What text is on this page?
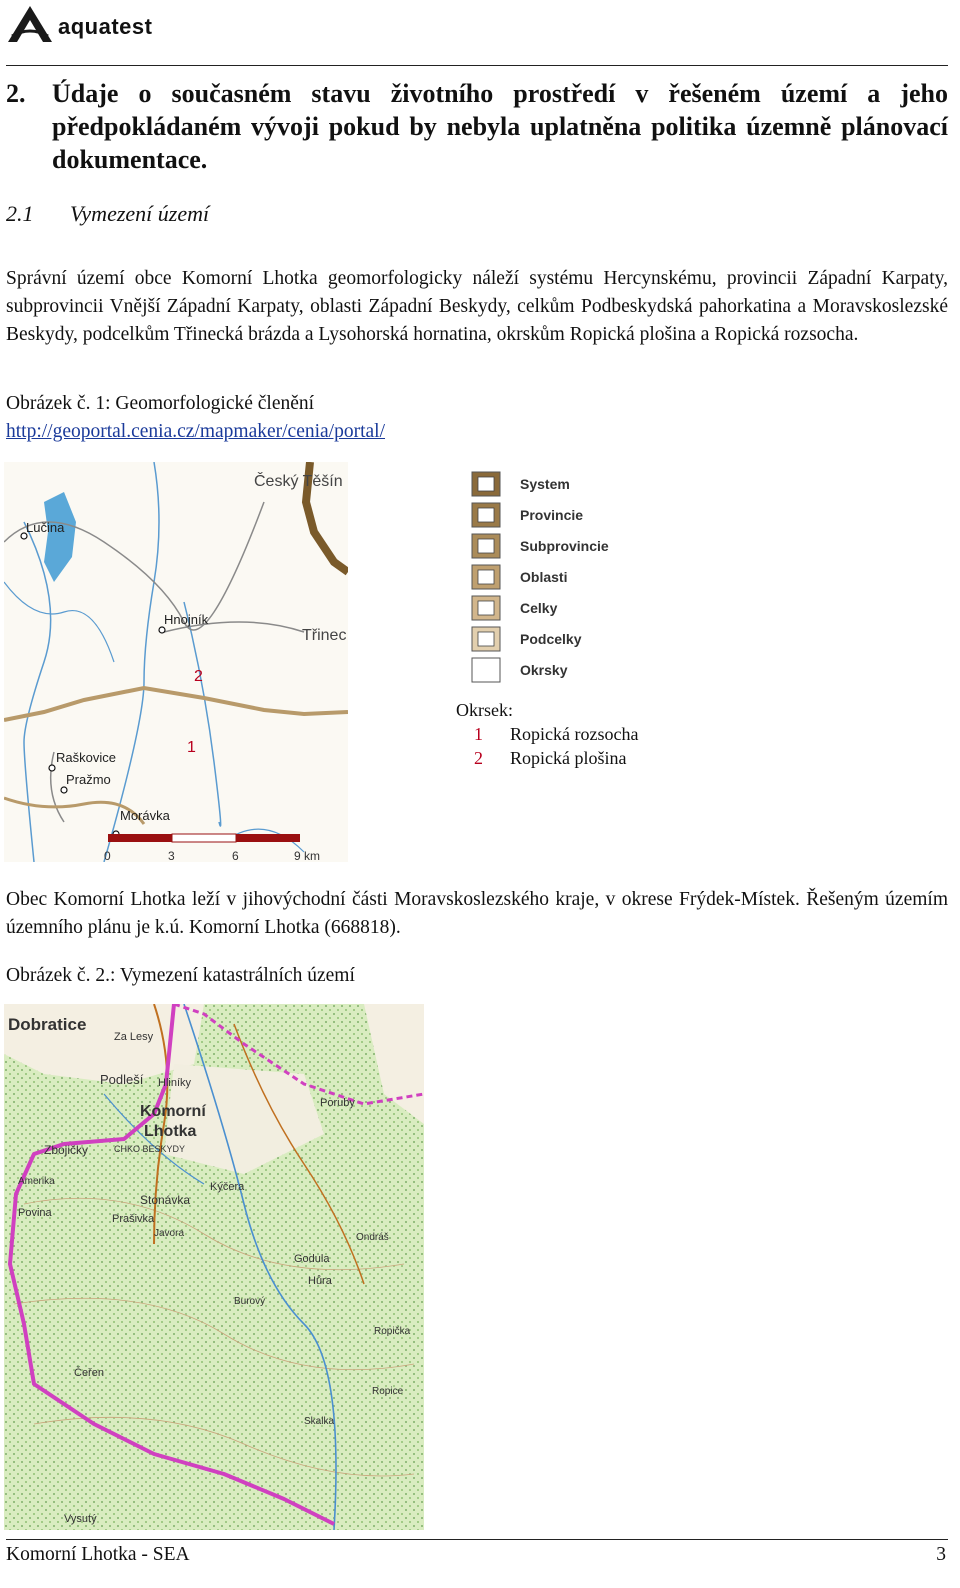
aquatest
2. Údaje o současném stavu životního prostředí v řešeném území a jeho předpokládaném vývoji pokud by nebyla uplatněna politika územně plánovací dokumentace.
2.1 Vymezení území
Správní území obce Komorní Lhotka geomorfologicky náleží systému Hercynskému, provincii Západní Karpaty, subprovincii Vnější Západní Karpaty, oblasti Západní Beskydy, celkům Podbeskydská pahorkatina a Moravskoslezské Beskydy, podcelkům Třinecká brázda a Lysohorská hornatina, okrskům Ropická plošina a Ropická rozsocha.
Obrázek č. 1: Geomorfologické členění
http://geoportal.cenia.cz/mapmaker/cenia/portal/
Lučina
Český Těšín
Hnojník
Třinec
Raškovice
Pražmo
Morávka
2
1
0	3	6	9 km
System
Provincie
Subprovincie
Oblasti
Celky
Podcelky
Okrsky
Okrsek:
1 Ropická rozsocha
2 Ropická plošina
Obec Komorní Lhotka leží v jihovýchodní části Moravskoslezského kraje, v okrese Frýdek-Místek. Řešeným územím územního plánu je k.ú. Komorní Lhotka (668818).
Obrázek č. 2.: Vymezení katastrálních území
Dobratice
Za Lesy
Podleší Hliníky
Komorní
Lhotka
Poruby
Zbojičky	CHKO BESKYDY
Amerika	Kýčera
Povina	Prašivka
Stonávka
Javora
Godula
Ondráš
Hůra
Burový
Čeřen
Ropička
Ropice
Skalka
Vysutý
Komorní Lhotka - SEA	3
